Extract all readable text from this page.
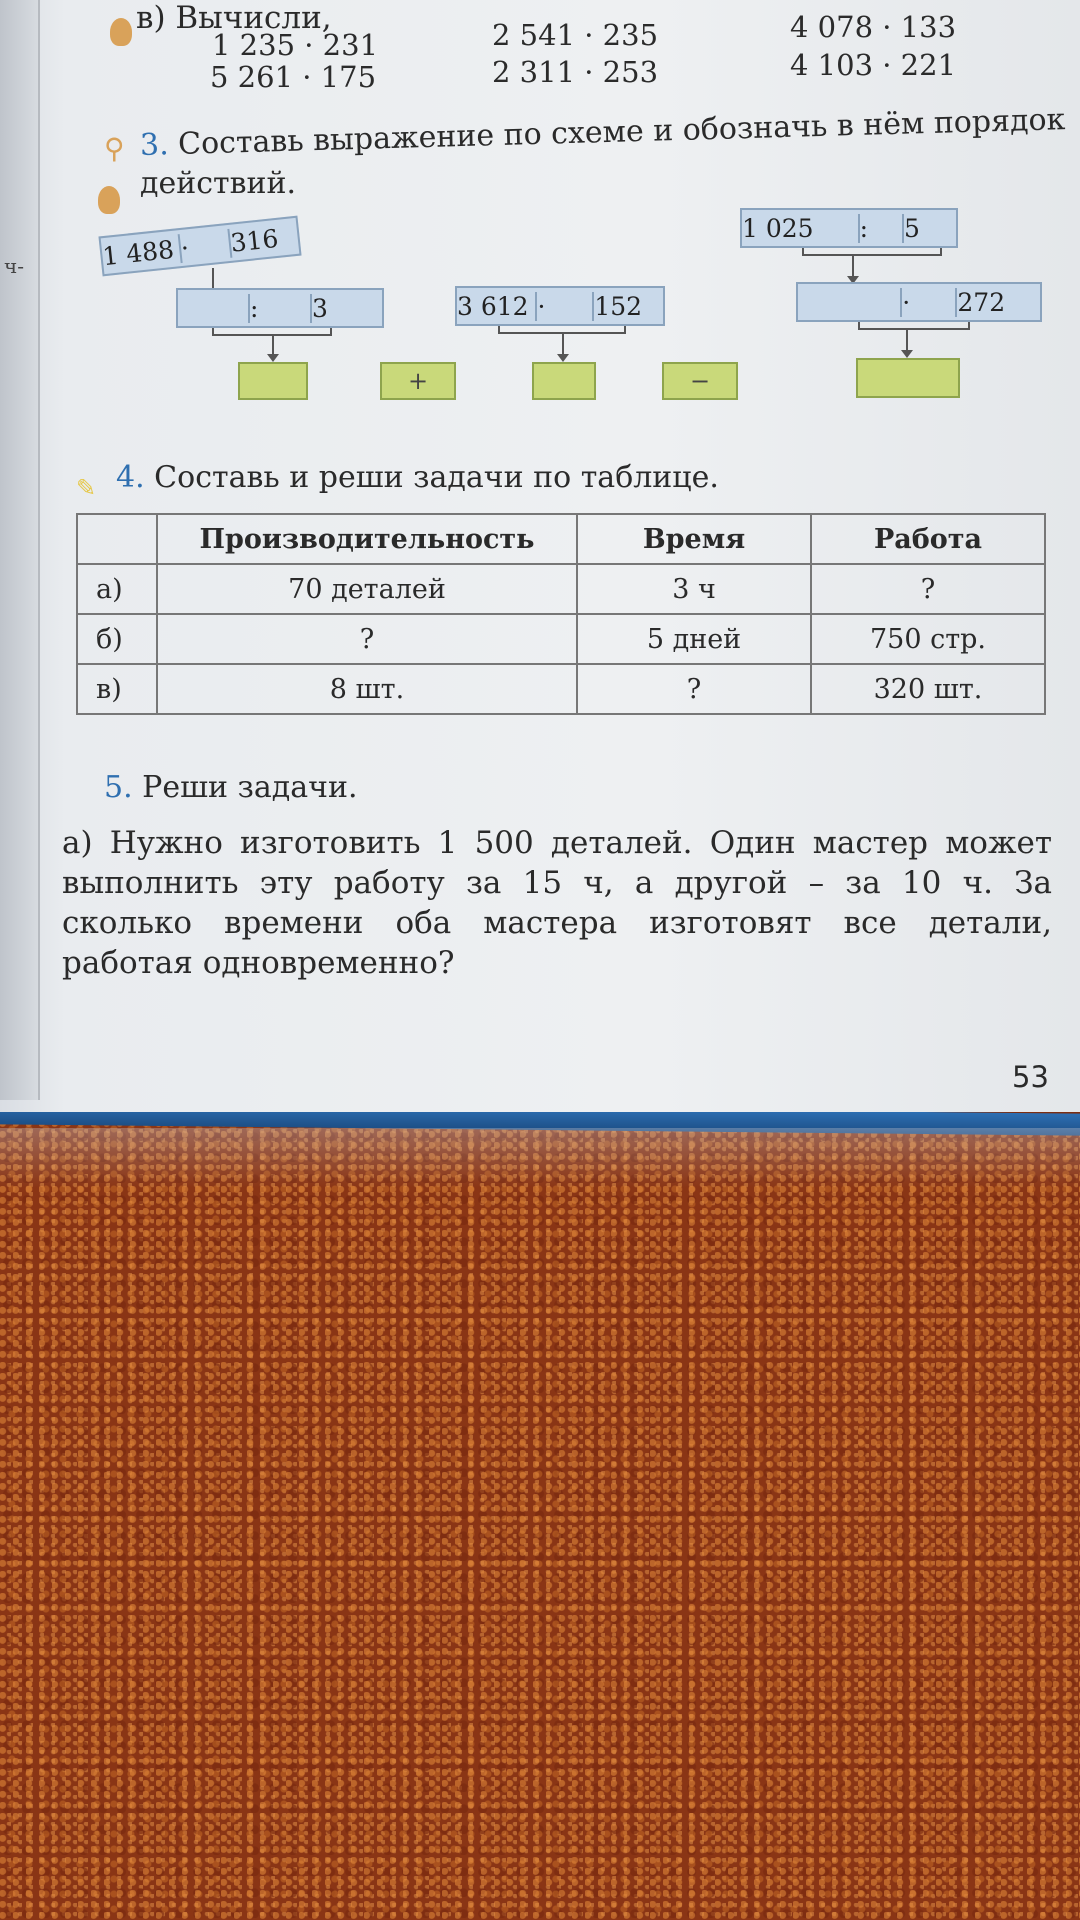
ч-
в) Вычисли,
1 235 · 231	2 541 · 235	4 078 · 133
5 261 · 175	2 311 · 253	4 103 · 221
⚲ 3. Составь выражение по схеме и обозначь в нём порядок
действий.
1 488 ·	316
:	3
+
3 612 ·	152
−
1 025	:	5
·	272
✎ 4. Составь и реши задачи по таблице.
	Производительность	Время	Работа
а)	70 деталей	3 ч	?
б)	?	5 дней	750 стр.
в)	8 шт.	?	320 шт.
5. Реши задачи.
а) Нужно изготовить 1 500 деталей. Один мастер может выполнить эту работу за 15 ч, а другой – за 10 ч. За сколько времени оба мастера изготовят все детали, работая одновременно?
53
